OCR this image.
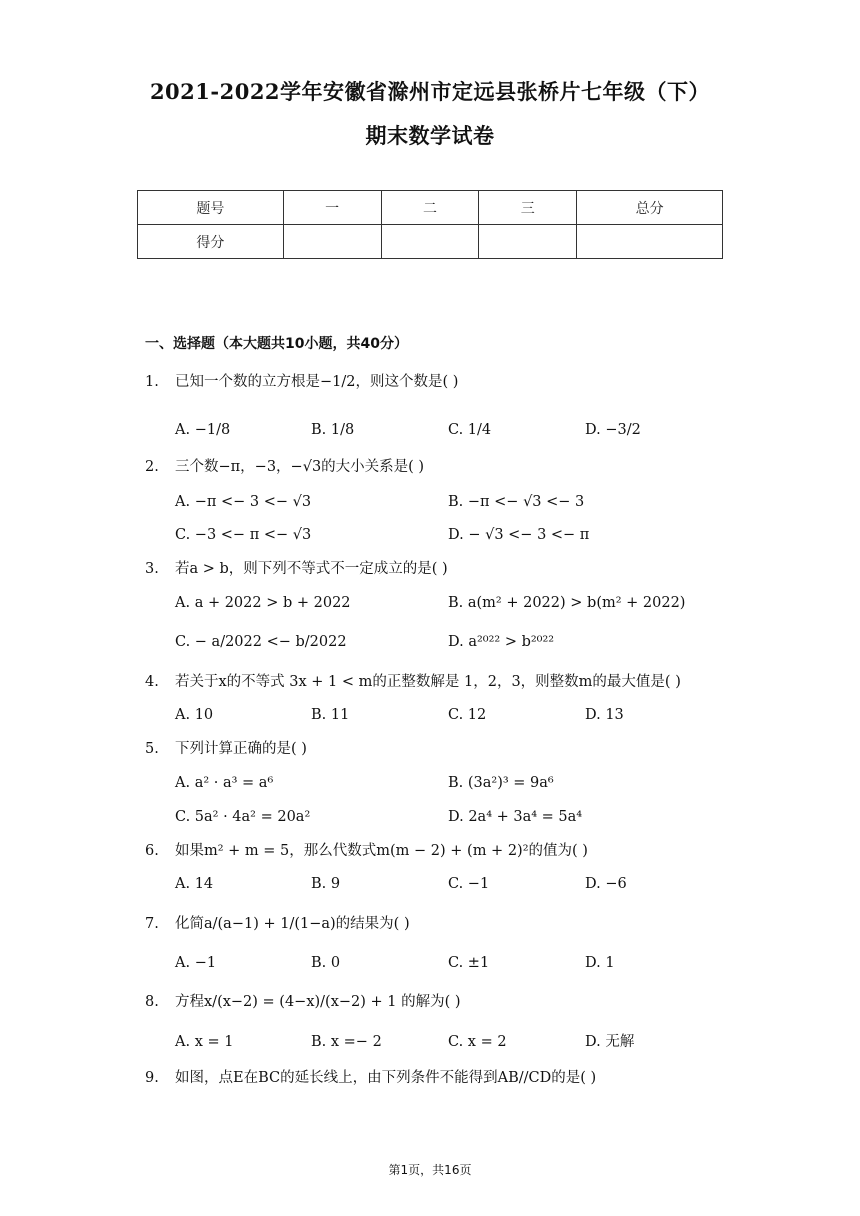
2021-2022学年安徽省滁州市定远县张桥片七年级（下）
期末数学试卷
题号	一	二	三	总分
得分				
一、选择题（本大题共10小题，共40分）
1. 已知一个数的立方根是−1/2，则这个数是( )
A. −1/8	B. 1/8	C. 1/4	D. −3/2
2. 三个数−π，−3，−√3的大小关系是( )
A. −π <− 3 <− √3	B. −π <− √3 <− 3
C. −3 <− π <− √3	D. − √3 <− 3 <− π
3. 若a > b，则下列不等式不一定成立的是( )
A. a + 2022 > b + 2022	B. a(m² + 2022) > b(m² + 2022)
C. − a/2022 <− b/2022	D. a²⁰²² > b²⁰²²
4. 若关于x的不等式 3x + 1 < m的正整数解是 1，2，3，则整数m的最大值是( )
A. 10	B. 11	C. 12	D. 13
5. 下列计算正确的是( )
A. a² · a³ = a⁶	B. (3a²)³ = 9a⁶
C. 5a² · 4a² = 20a²	D. 2a⁴ + 3a⁴ = 5a⁴
6. 如果m² + m = 5，那么代数式m(m − 2) + (m + 2)²的值为( )
A. 14	B. 9	C. −1	D. −6
7. 化简a/(a−1) + 1/(1−a)的结果为( )
A. −1	B. 0	C. ±1	D. 1
8. 方程x/(x−2) = (4−x)/(x−2) + 1 的解为( )
A. x = 1	B. x =− 2	C. x = 2	D. 无解
9. 如图，点E在BC的延长线上，由下列条件不能得到AB//CD的是( )
第1页，共16页
